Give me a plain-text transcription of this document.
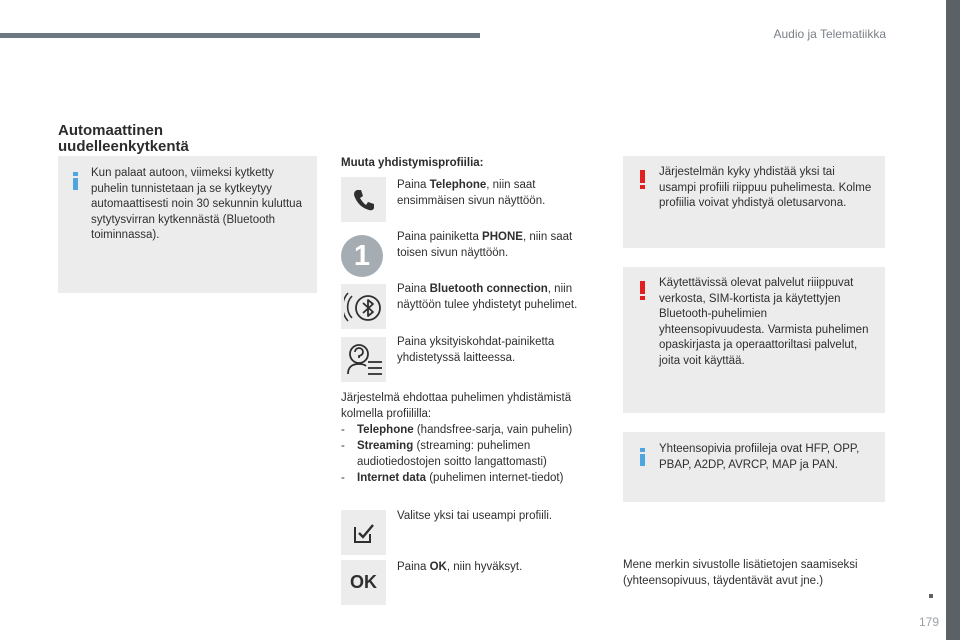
Audio ja Telematiikka
Automaattinen uudelleenkytkentä
Kun palaat autoon, viimeksi kytketty puhelin tunnistetaan ja se kytkeytyy automaattisesti noin 30 sekunnin kuluttua sytytysvirran kytkennästä (Bluetooth toiminnassa).
Muuta yhdistymisprofiilia:
Paina Telephone, niin saat ensimmäisen sivun näyttöön.
1
Paina painiketta PHONE, niin saat toisen sivun näyttöön.
Paina Bluetooth connection, niin näyttöön tulee yhdistetyt puhelimet.
Paina yksityiskohdat-painiketta yhdistetyssä laitteessa.
Järjestelmä ehdottaa puhelimen yhdistämistä kolmella profiililla:
-	Telephone (handsfree-sarja, vain puhelin)
-	Streaming (streaming: puhelimen audiotiedostojen soitto langattomasti)
-	Internet data (puhelimen internet-tiedot)
Valitse yksi tai useampi profiili.
OK
Paina OK, niin hyväksyt.
Järjestelmän kyky yhdistää yksi tai usampi profiili riippuu puhelimesta. Kolme profiilia voivat yhdistyä oletusarvona.
Käytettävissä olevat palvelut riiippuvat verkosta, SIM-kortista ja käytettyjen Bluetooth-puhelimien yhteensopivuudesta. Varmista puhelimen opaskirjasta ja operaattoriltasi palvelut, joita voit käyttää.
Yhteensopivia profiileja ovat HFP, OPP, PBAP, A2DP, AVRCP, MAP ja PAN.
Mene merkin sivustolle lisätietojen saamiseksi (yhteensopivuus, täydentävät avut jne.)
179
